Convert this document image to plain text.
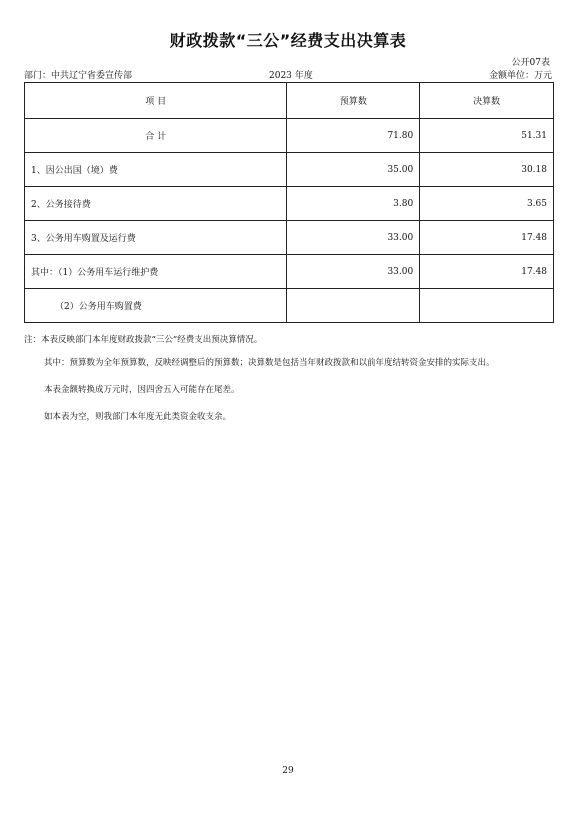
财政拨款“三公”经费支出决算表
公开07表
部门：中共辽宁省委宣传部	2023 年度	金额单位：万元
项 目	预算数	决算数
合 计	71.80	51.31
1、因公出国（境）费	35.00	30.18
2、公务接待费	3.80	3.65
3、公务用车购置及运行费	33.00	17.48
其中：（1）公务用车运行维护费	33.00	17.48
（2）公务用车购置费		

注：本表反映部门本年度财政拨款“三公”经费支出预决算情况。

其中：预算数为全年预算数，反映经调整后的预算数；决算数是包括当年财政拨款和以前年度结转资金安排的实际支出。

本表金额转换成万元时，因四舍五入可能存在尾差。

如本表为空，则我部门本年度无此类资金收支余。

29
